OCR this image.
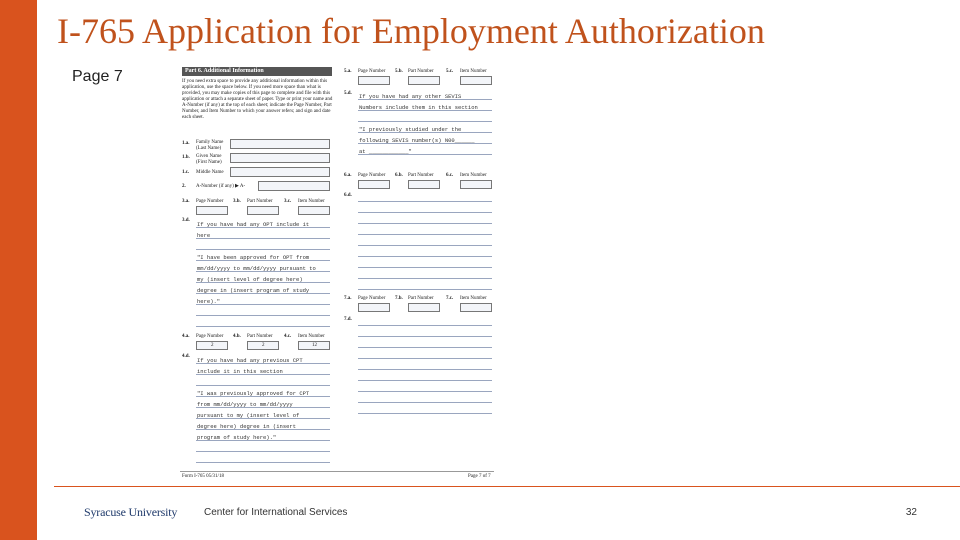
I-765 Application for Employment Authorization
Page 7	Part 6. Additional Information
If you need extra space to provide any additional information within this application, use the space below. If you need more space than what is provided, you may make copies of this page to complete and file with this application or attach a separate sheet of paper. Type or print your name and A-Number (if any) at the top of each sheet; indicate the Page Number, Part Number, and Item Number to which your answer refers; and sign and date each sheet.
1.a. Family Name (Last Name)
1.b. Given Name (First Name)
1.c. Middle Name
2. A-Number (if any) ▶ A-
3.a. Page Number 3.b. Part Number 3.c. Item Number
3.d.
If you have had any OPT include it
here
"I have been approved for OPT from
mm/dd/yyyy to mm/dd/yyyy pursuant to
my (insert level of degree here)
degree in (insert program of study
here)."
4.a. Page Number 4.b. Part Number 4.c. Item Number
2	2	12
4.d.
If you have had any previous CPT
include it in this section
"I was previously approved for CPT
from mm/dd/yyyy to mm/dd/yyyy
pursuant to my (insert level of
degree here) degree in (insert
program of study here)."
5.a. Page Number 5.b. Part Number 5.c. Item Number
5.d. If you have had any other SEVIS
Numbers include them in this section
"I previously studied under the
following SEVIS number(s) N00______
at ____________"
6.a. Page Number 6.b. Part Number 6.c. Item Number
6.d.
7.a. Page Number 7.b. Part Number 7.c. Item Number
7.d.
Form I-765 05/31/18	Page 7 of 7
Syracuse University	Center for International Services	32
